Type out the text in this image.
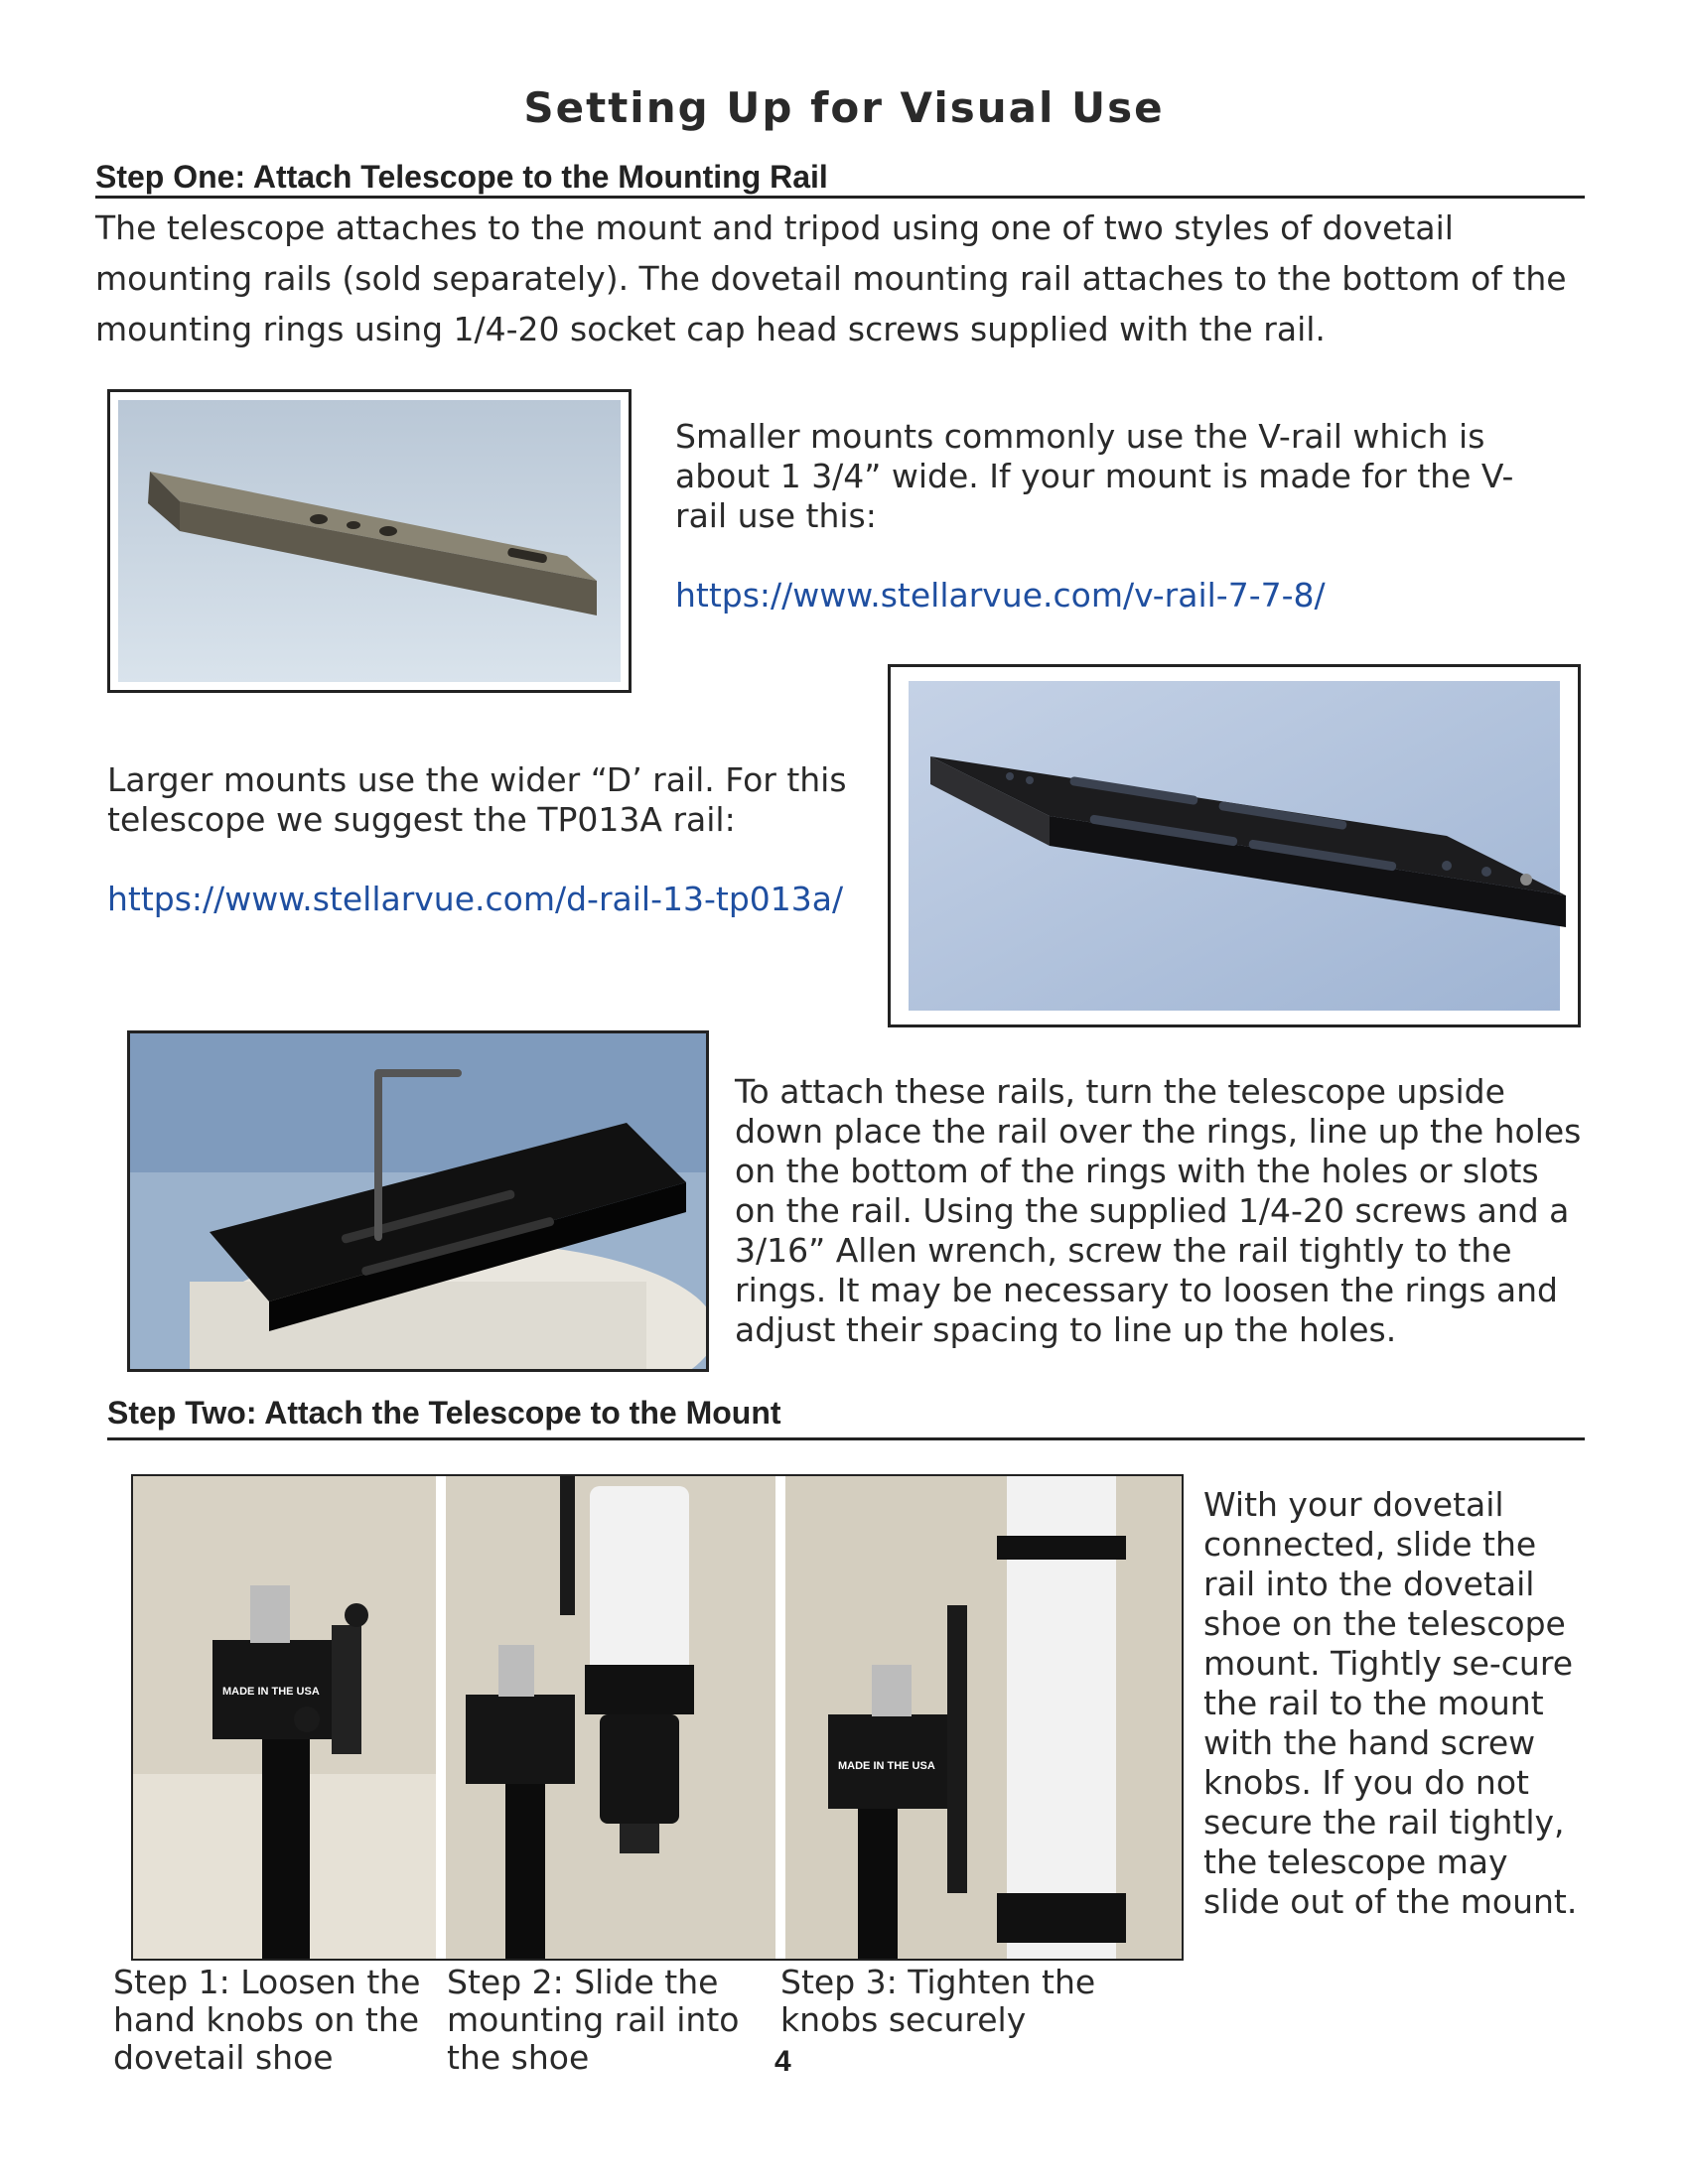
Setting Up for Visual Use
Step One: Attach Telescope to the Mounting Rail
The telescope attaches to the mount and tripod using one of two styles of dovetail mounting rails (sold separately). The dovetail mounting rail attaches to the bottom of the mounting rings using 1/4-20 socket cap head screws supplied with the rail.
Smaller mounts commonly use the V-rail which is about 1 3/4” wide. If your mount is made for the V-rail use this:
https://www.stellarvue.com/v-rail-7-7-8/
Larger mounts use the wider “D’ rail. For this telescope we suggest the TP013A rail:
https://www.stellarvue.com/d-rail-13-tp013a/
To attach these rails, turn the telescope upside down place the rail over the rings, line up the holes on the bottom of the rings with the holes or slots on the rail. Using the supplied 1/4-20 screws and a 3/16” Allen wrench, screw the rail tightly to the rings. It may be necessary to loosen the rings and adjust their spacing to line up the holes.
Step Two: Attach the Telescope to the Mount
MADE IN THE USA
MADE IN THE USA
With your dovetail connected, slide the rail into the dovetail shoe on the telescope mount. Tightly se-cure the rail to the mount with the hand screw knobs. If you do not secure the rail tightly, the telescope may slide out of the mount.
Step 1: Loosen the hand knobs on the dovetail shoe
Step 2: Slide the mounting rail into the shoe
Step 3: Tighten the knobs securely
4
